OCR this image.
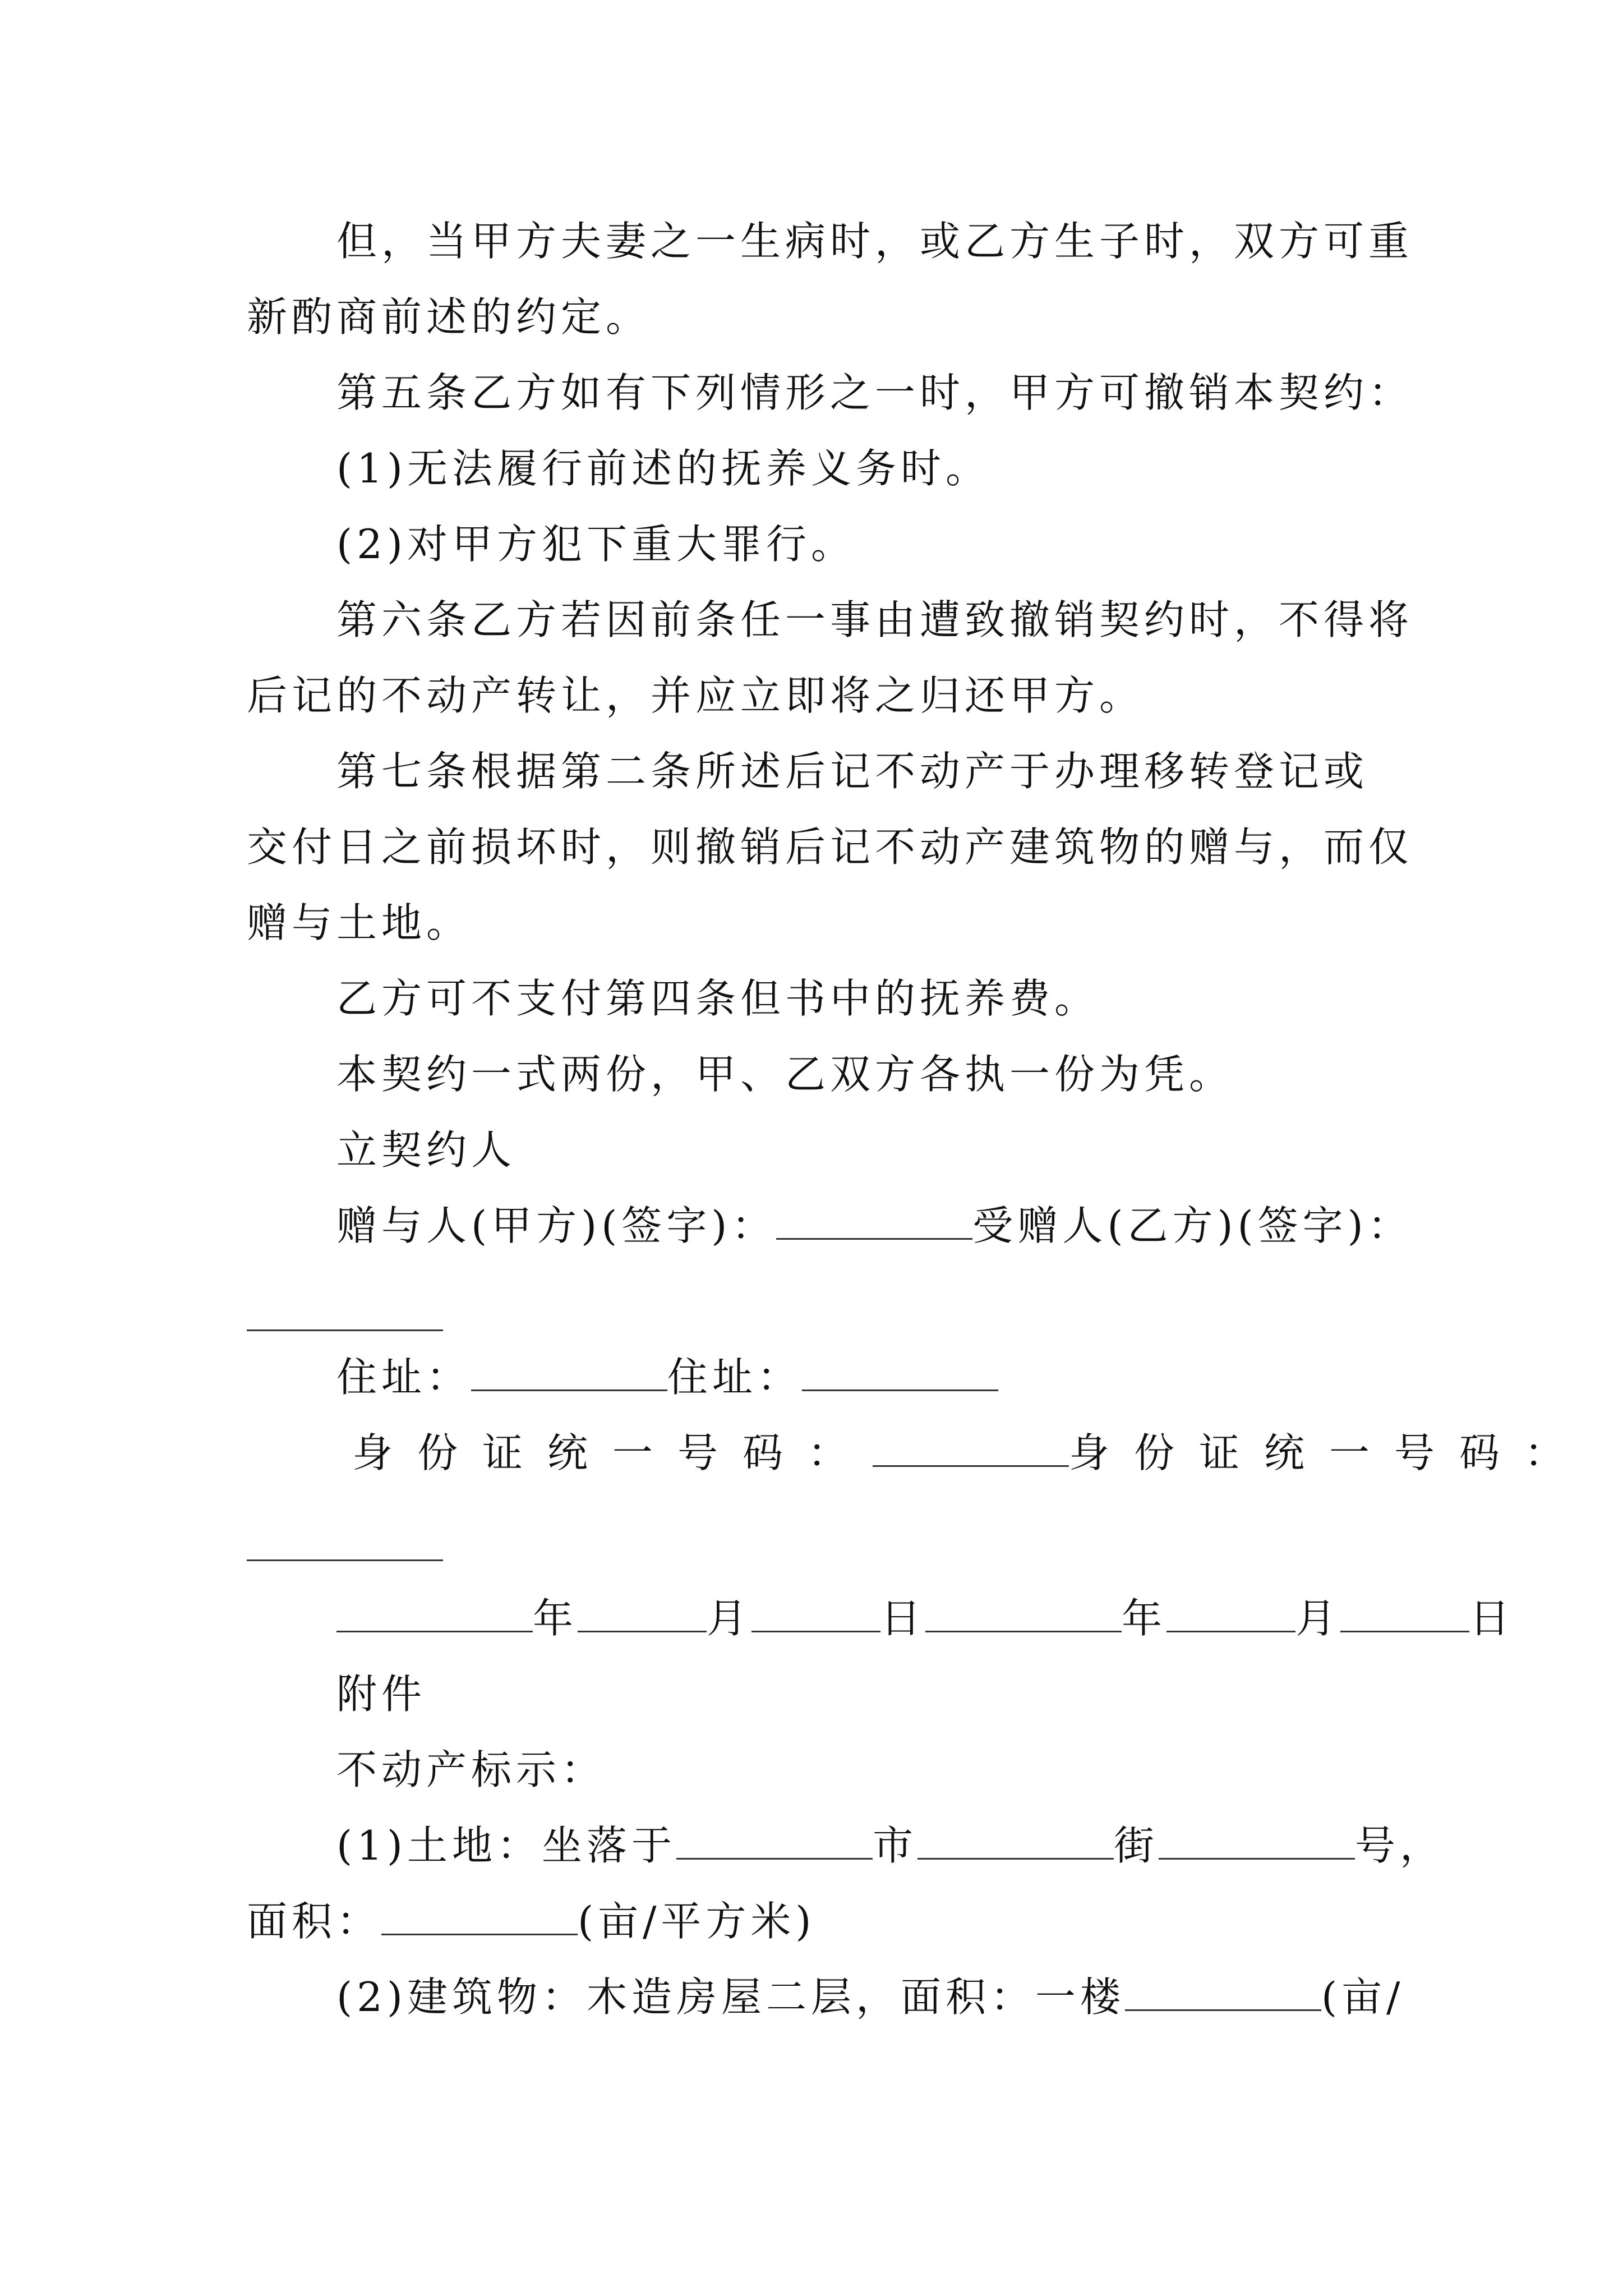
但，当甲方夫妻之一生病时，或乙方生子时，双方可重
新酌商前述的约定。
第五条乙方如有下列情形之一时，甲方可撤销本契约：
(1)无法履行前述的抚养义务时。
(2)对甲方犯下重大罪行。
第六条乙方若因前条任一事由遭致撤销契约时，不得将
后记的不动产转让，并应立即将之归还甲方。
第七条根据第二条所述后记不动产于办理移转登记或
交付日之前损坏时，则撤销后记不动产建筑物的赠与，而仅
赠与土地。
乙方可不支付第四条但书中的抚养费。
本契约一式两份，甲、乙双方各执一份为凭。
立契约人
赠与人(甲方)(签字)：	受赠人(乙方)(签字)：
住址：	住址：
身份证统一号码：	身份证统一号码：
年	月	日	年	月	日
附件
不动产标示：
(1)土地：坐落于	市	街	号，
面积：	(亩/平方米)
(2)建筑物：木造房屋二层，面积：一楼	(亩/
